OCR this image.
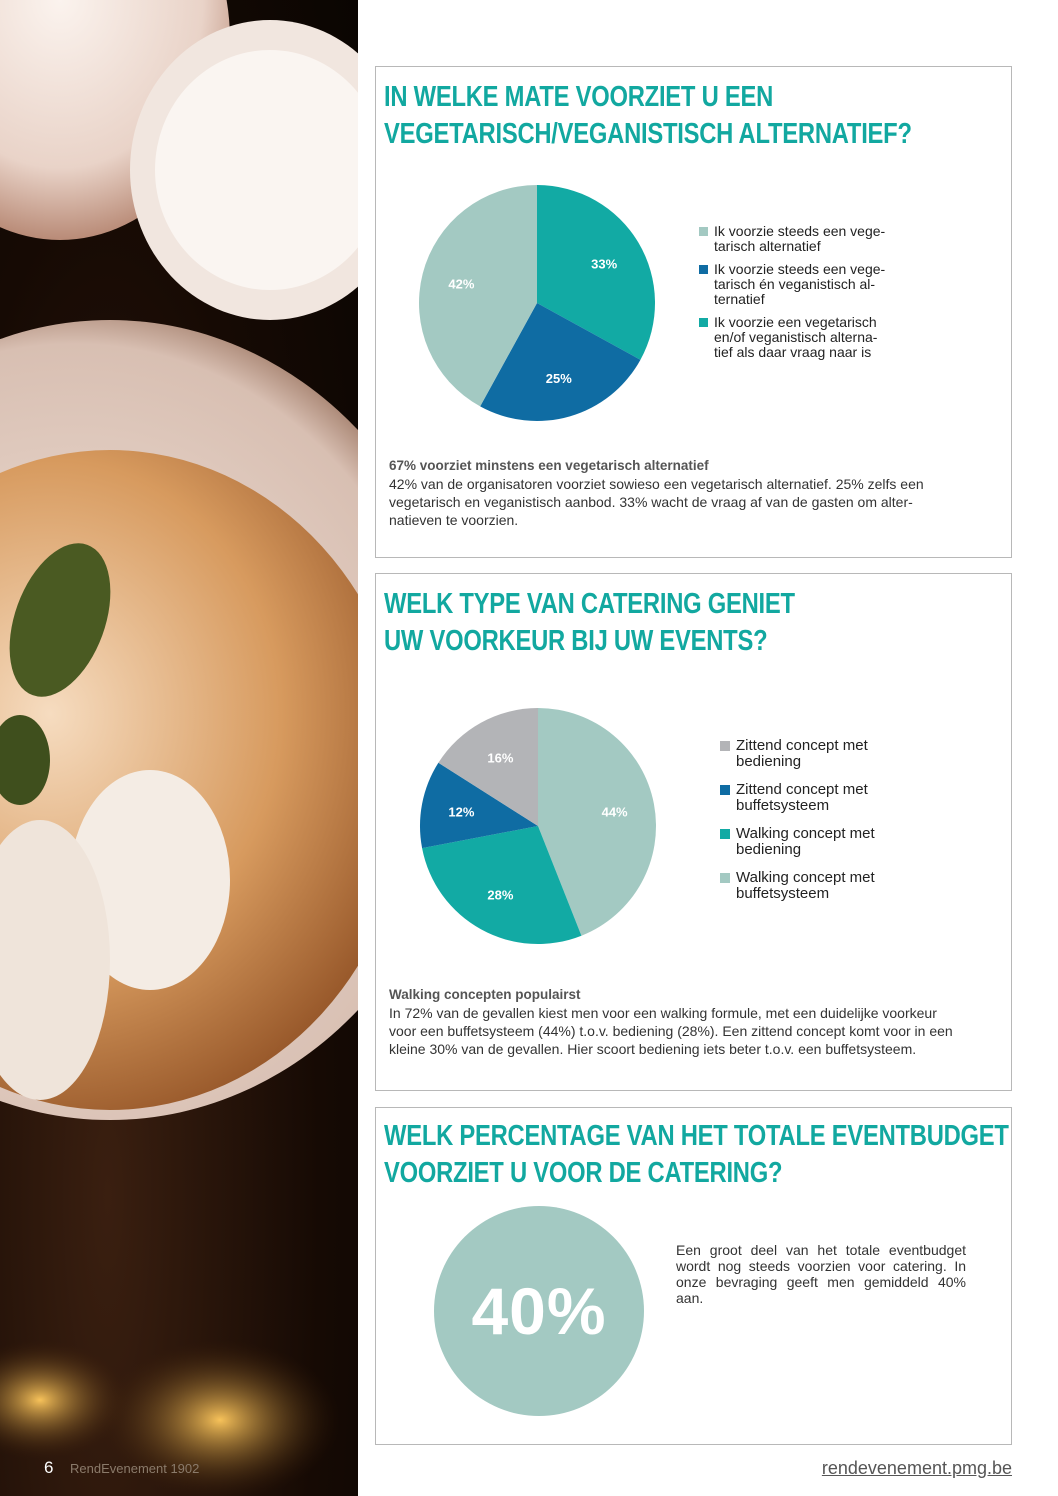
IN WELKE MATE VOORZIET U EEN
VEGETARISCH/VEGANISTISCH ALTERNATIEF?
33%
25%
42%
Ik voorzie steeds een vege-
tarisch alternatief
Ik voorzie steeds een vege-
tarisch én veganistisch al-
ternatief
Ik voorzie een vegetarisch
en/of veganistisch alterna-
tief als daar vraag naar is
67% voorziet minstens een vegetarisch alternatief
42% van de organisatoren voorziet sowieso een vegetarisch alternatief. 25% zelfs een
vegetarisch en veganistisch aanbod. 33% wacht de vraag af van de gasten om alter-
natieven te voorzien.
WELK TYPE VAN CATERING GENIET
UW VOORKEUR BIJ UW EVENTS?
44%
28%
12%
16%
Zittend concept met
bediening
Zittend concept met
buffetsysteem
Walking concept met
bediening
Walking concept met
buffetsysteem
Walking concepten populairst
In 72% van de gevallen kiest men voor een walking formule, met een duidelijke voorkeur
voor een buffetsysteem (44%) t.o.v. bediening (28%). Een zittend concept komt voor in een
kleine 30% van de gevallen. Hier scoort bediening iets beter t.o.v. een buffetsysteem.
WELK PERCENTAGE VAN HET TOTALE EVENTBUDGET
VOORZIET U VOOR DE CATERING?
40%
Een groot deel van het totale eventbudget wordt nog steeds voorzien voor catering. In onze bevraging geeft men gemiddeld 40% aan.
6 RendEvenement 1902	rendevenement.pmg.be
